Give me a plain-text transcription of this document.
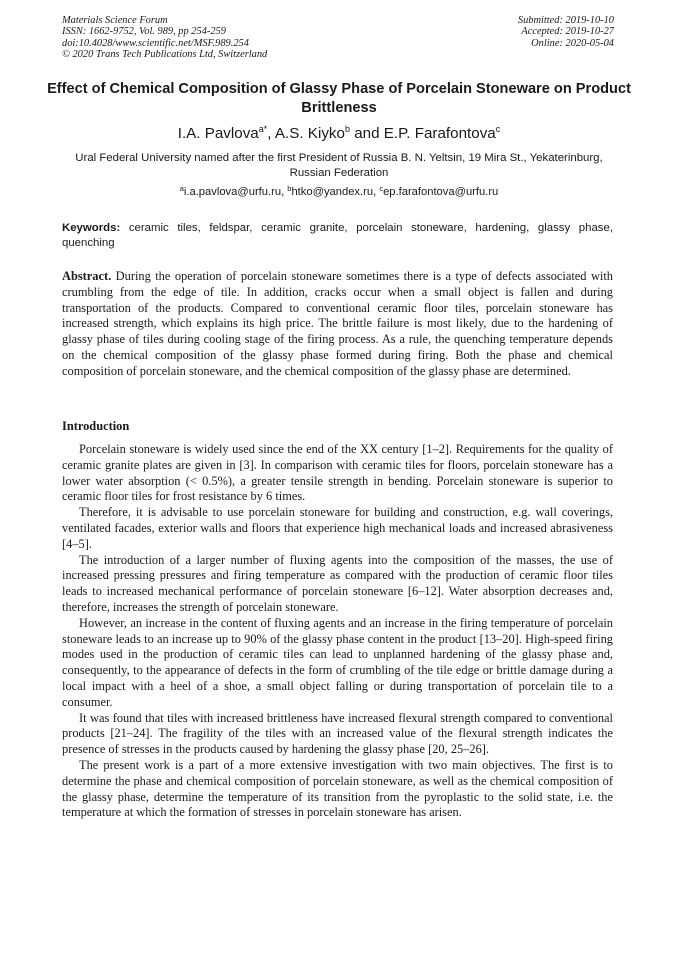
Materials Science Forum
ISSN: 1662-9752, Vol. 989, pp 254-259
doi:10.4028/www.scientific.net/MSF.989.254
© 2020 Trans Tech Publications Ltd, Switzerland
Submitted: 2019-10-10
Accepted: 2019-10-27
Online: 2020-05-04
Effect of Chemical Composition of Glassy Phase of Porcelain Stoneware on Product Brittleness
I.A. Pavlova$^{a*}$, A.S. Kiyko$^b$ and E.P. Farafontova$^c$
Ural Federal University named after the first President of Russia B. N. Yeltsin, 19 Mira St., Yekaterinburg, Russian Federation
$^a$i.a.pavlova@urfu.ru, $^b$htko@yandex.ru, $^c$ep.farafontova@urfu.ru
Keywords: ceramic tiles, feldspar, ceramic granite, porcelain stoneware, hardening, glassy phase, quenching
Abstract. During the operation of porcelain stoneware sometimes there is a type of defects associated with crumbling from the edge of tile. In addition, cracks occur when a small object is fallen and during transportation of the products. Compared to conventional ceramic floor tiles, porcelain stoneware has increased strength, which explains its high price. The brittle failure is most likely, due to the hardening of glassy phase of tiles during cooling stage of the firing process. As a rule, the quenching temperature depends on the chemical composition of the glassy phase formed during firing. Both the phase and chemical composition of porcelain stoneware, and the chemical composition of the glassy phase are determined.
Introduction

Porcelain stoneware is widely used since the end of the XX century [1–2]. Requirements for the quality of ceramic granite plates are given in [3]. In comparison with ceramic tiles for floors, porcelain stoneware has a lower water absorption (< 0.5%), a greater tensile strength in bending. Porcelain stoneware is superior to ceramic floor tiles for frost resistance by 6 times.

Therefore, it is advisable to use porcelain stoneware for building and construction, e.g. wall coverings, ventilated facades, exterior walls and floors that experience high mechanical loads and increased abrasiveness [4–5].

The introduction of a larger number of fluxing agents into the composition of the masses, the use of increased pressing pressures and firing temperature as compared with the production of ceramic floor tiles leads to increased mechanical performance of porcelain stoneware [6–12]. Water absorption decreases and, therefore, increases the strength of porcelain stoneware.

However, an increase in the content of fluxing agents and an increase in the firing temperature of porcelain stoneware leads to an increase up to 90% of the glassy phase content in the product [13–20]. High-speed firing modes used in the production of ceramic tiles can lead to unplanned hardening of the glassy phase and, consequently, to the appearance of defects in the form of crumbling of the tile edge or brittle damage during a local impact with a heel of a shoe, a small object falling or during transportation of porcelain tile to a consumer.

It was found that tiles with increased brittleness have increased flexural strength compared to conventional products [21–24]. The fragility of the tiles with an increased value of the flexural strength indicates the presence of stresses in the products caused by hardening the glassy phase [20, 25–26].

The present work is a part of a more extensive investigation with two main objectives. The first is to determine the phase and chemical composition of porcelain stoneware, as well as the chemical composition of the glassy phase, determine the temperature of its transition from the pyroplastic to the solid state, i.e. the temperature at which the formation of stresses in porcelain stoneware has arisen.
